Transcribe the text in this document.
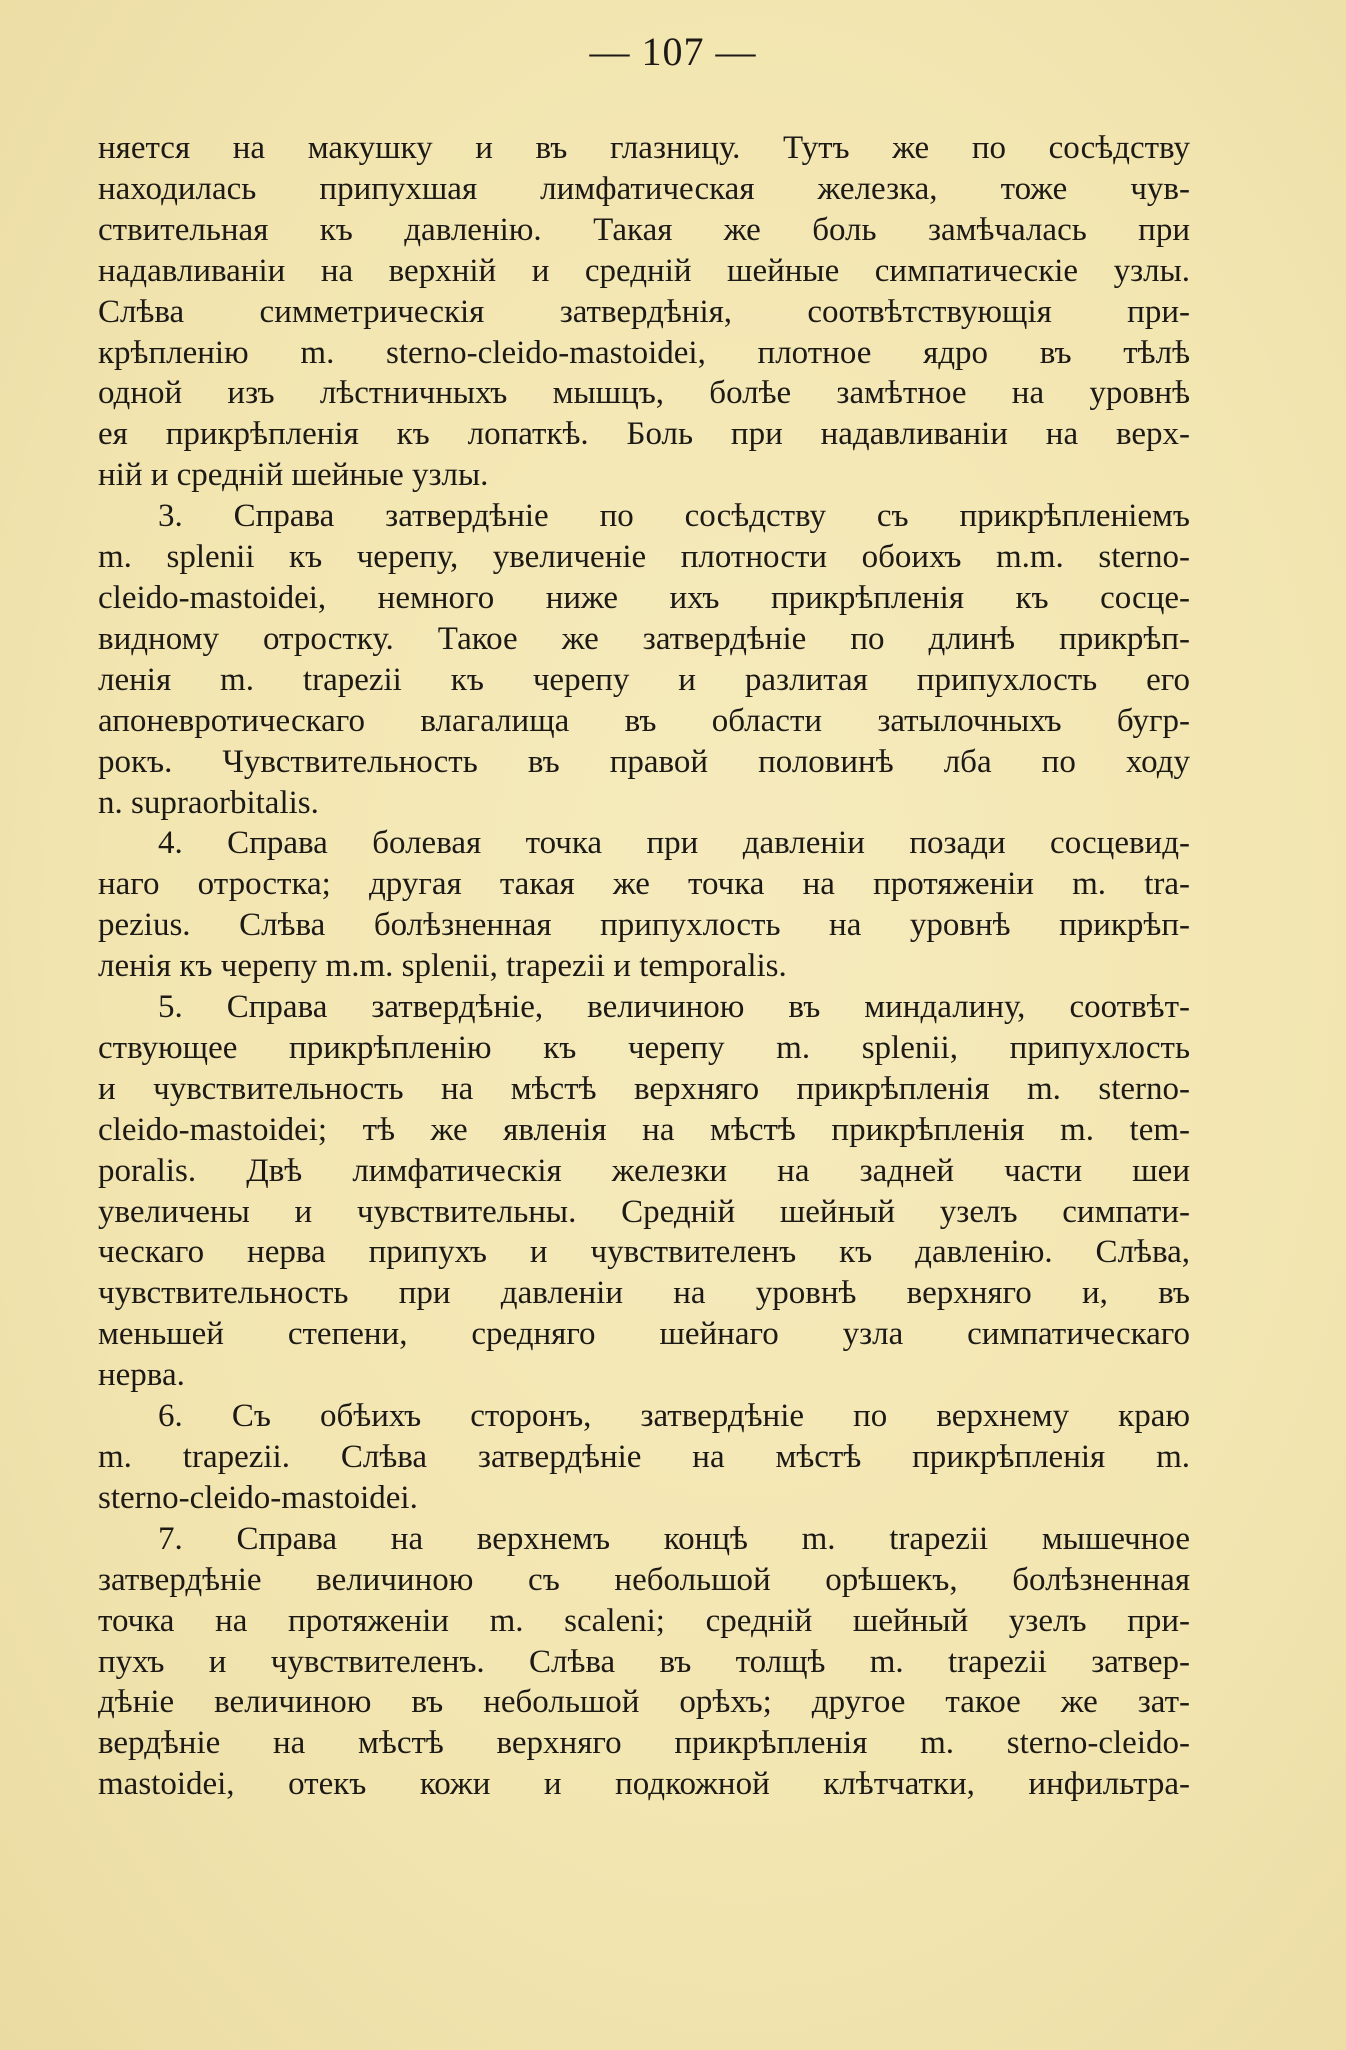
— 107 —
няется на макушку и въ глазницу. Тутъ же по сосѣдству
находилась припухшая лимфатическая железка, тоже чув-
ствительная къ давленію. Такая же боль замѣчалась при
надавливаніи на верхній и средній шейные симпатическіе узлы.
Слѣва симметрическія затвердѣнія, соотвѣтствующія при-
крѣпленію m. sterno-cleido-mastoidei, плотное ядро въ тѣлѣ
одной изъ лѣстничныхъ мышцъ, болѣе замѣтное на уровнѣ
ея прикрѣпленія къ лопаткѣ. Боль при надавливаніи на верх-
ній и средній шейные узлы.
3. Справа затвердѣніе по сосѣдству съ прикрѣпленіемъ
m. splenii къ черепу, увеличеніе плотности обоихъ m.m. sterno-
cleido-mastoidei, немного ниже ихъ прикрѣпленія къ сосце-
видному отростку. Такое же затвердѣніе по длинѣ прикрѣп-
ленія m. trapezii къ черепу и разлитая припухлость его
апоневротическаго влагалища въ области затылочныхъ бугр-
рокъ. Чувствительность въ правой половинѣ лба по ходу
n. supraorbitalis.
4. Справа болевая точка при давленіи позади сосцевид-
наго отростка; другая такая же точка на протяженіи m. tra-
pezius. Слѣва болѣзненная припухлость на уровнѣ прикрѣп-
ленія къ черепу m.m. splenii, trapezii и temporalis.
5. Справа затвердѣніе, величиною въ миндалину, соотвѣт-
ствующее прикрѣпленію къ черепу m. splenii, припухлость
и чувствительность на мѣстѣ верхняго прикрѣпленія m. sterno-
cleido-mastoidei; тѣ же явленія на мѣстѣ прикрѣпленія m. tem-
poralis. Двѣ лимфатическія железки на задней части шеи
увеличены и чувствительны. Средній шейный узелъ симпати-
ческаго нерва припухъ и чувствителенъ къ давленію. Слѣва,
чувствительность при давленіи на уровнѣ верхняго и, въ
меньшей степени, средняго шейнаго узла симпатическаго
нерва.
6. Съ обѣихъ сторонъ, затвердѣніе по верхнему краю
m. trapezii. Слѣва затвердѣніе на мѣстѣ прикрѣпленія m.
sterno-cleido-mastoidei.
7. Справа на верхнемъ концѣ m. trapezii мышечное
затвердѣніе величиною съ небольшой орѣшекъ, болѣзненная
точка на протяженіи m. scaleni; средній шейный узелъ при-
пухъ и чувствителенъ. Слѣва въ толщѣ m. trapezii затвер-
дѣніе величиною въ небольшой орѣхъ; другое такое же зат-
вердѣніе на мѣстѣ верхняго прикрѣпленія m. sterno-cleido-
mastoidei, отекъ кожи и подкожной клѣтчатки, инфильтра-
